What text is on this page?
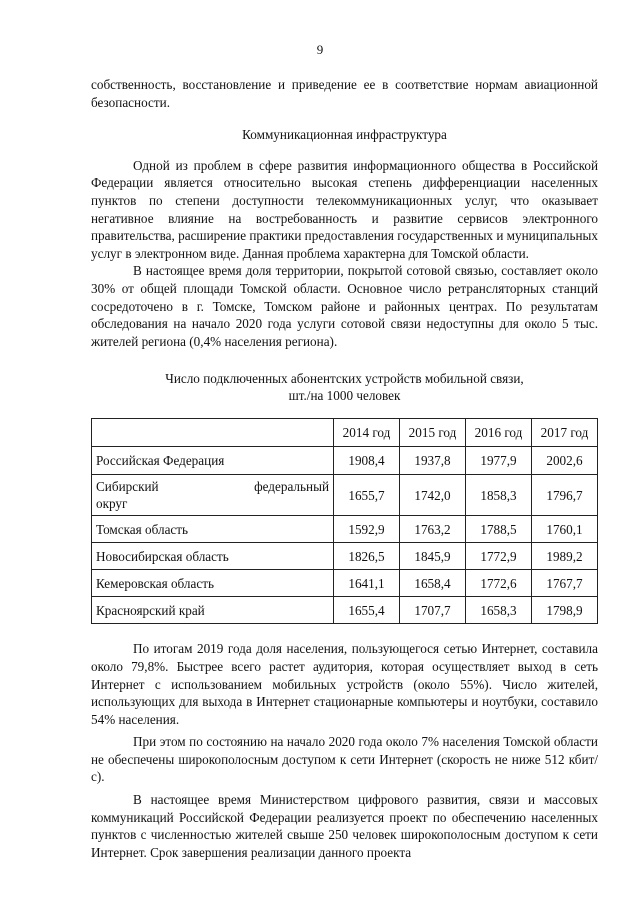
9

собственность, восстановление и приведение ее в соответствие нормам авиационной безопасности.

Коммуникационная инфраструктура

Одной из проблем в сфере развития информационного общества в Российской Федерации является относительно высокая степень дифференциации населенных пунктов по степени доступности телекоммуникационных услуг, что оказывает негативное влияние на востребованность и развитие сервисов электронного правительства, расширение практики предоставления государственных и муниципальных услуг в электронном виде. Данная проблема характерна для Томской области.

В настоящее время доля территории, покрытой сотовой связью, составляет около 30% от общей площади Томской области. Основное число ретрансляторных станций сосредоточено в г. Томске, Томском районе и районных центрах. По результатам обследования на начало 2020 года услуги сотовой связи недоступны для около 5 тыс. жителей региона (0,4% населения региона).

Число подключенных абонентских устройств мобильной связи,
шт./на 1000 человек
	2014 год	2015 год	2016 год	2017 год
Российская Федерация	1908,4	1937,8	1977,9	2002,6

Сибирский федеральный
округ	1655,7	1742,0	1858,3	1796,7
Томская область	1592,9	1763,2	1788,5	1760,1
Новосибирская область	1826,5	1845,9	1772,9	1989,2
Кемеровская область	1641,1	1658,4	1772,6	1767,7
Красноярский край	1655,4	1707,7	1658,3	1798,9

По итогам 2019 года доля населения, пользующегося сетью Интернет, составила около 79,8%. Быстрее всего растет аудитория, которая осуществляет выход в сеть Интернет с использованием мобильных устройств (около 55%). Число жителей, использующих для выхода в Интернет стационарные компьютеры и ноутбуки, составило 54% населения.

При этом по состоянию на начало 2020 года около 7% населения Томской области не обеспечены широкополосным доступом к сети Интернет (скорость не ниже 512 кбит/с).

В настоящее время Министерством цифрового развития, связи и массовых коммуникаций Российской Федерации реализуется проект по обеспечению населенных пунктов с численностью жителей свыше 250 человек широкополосным доступом к сети Интернет. Срок завершения реализации данного проекта
